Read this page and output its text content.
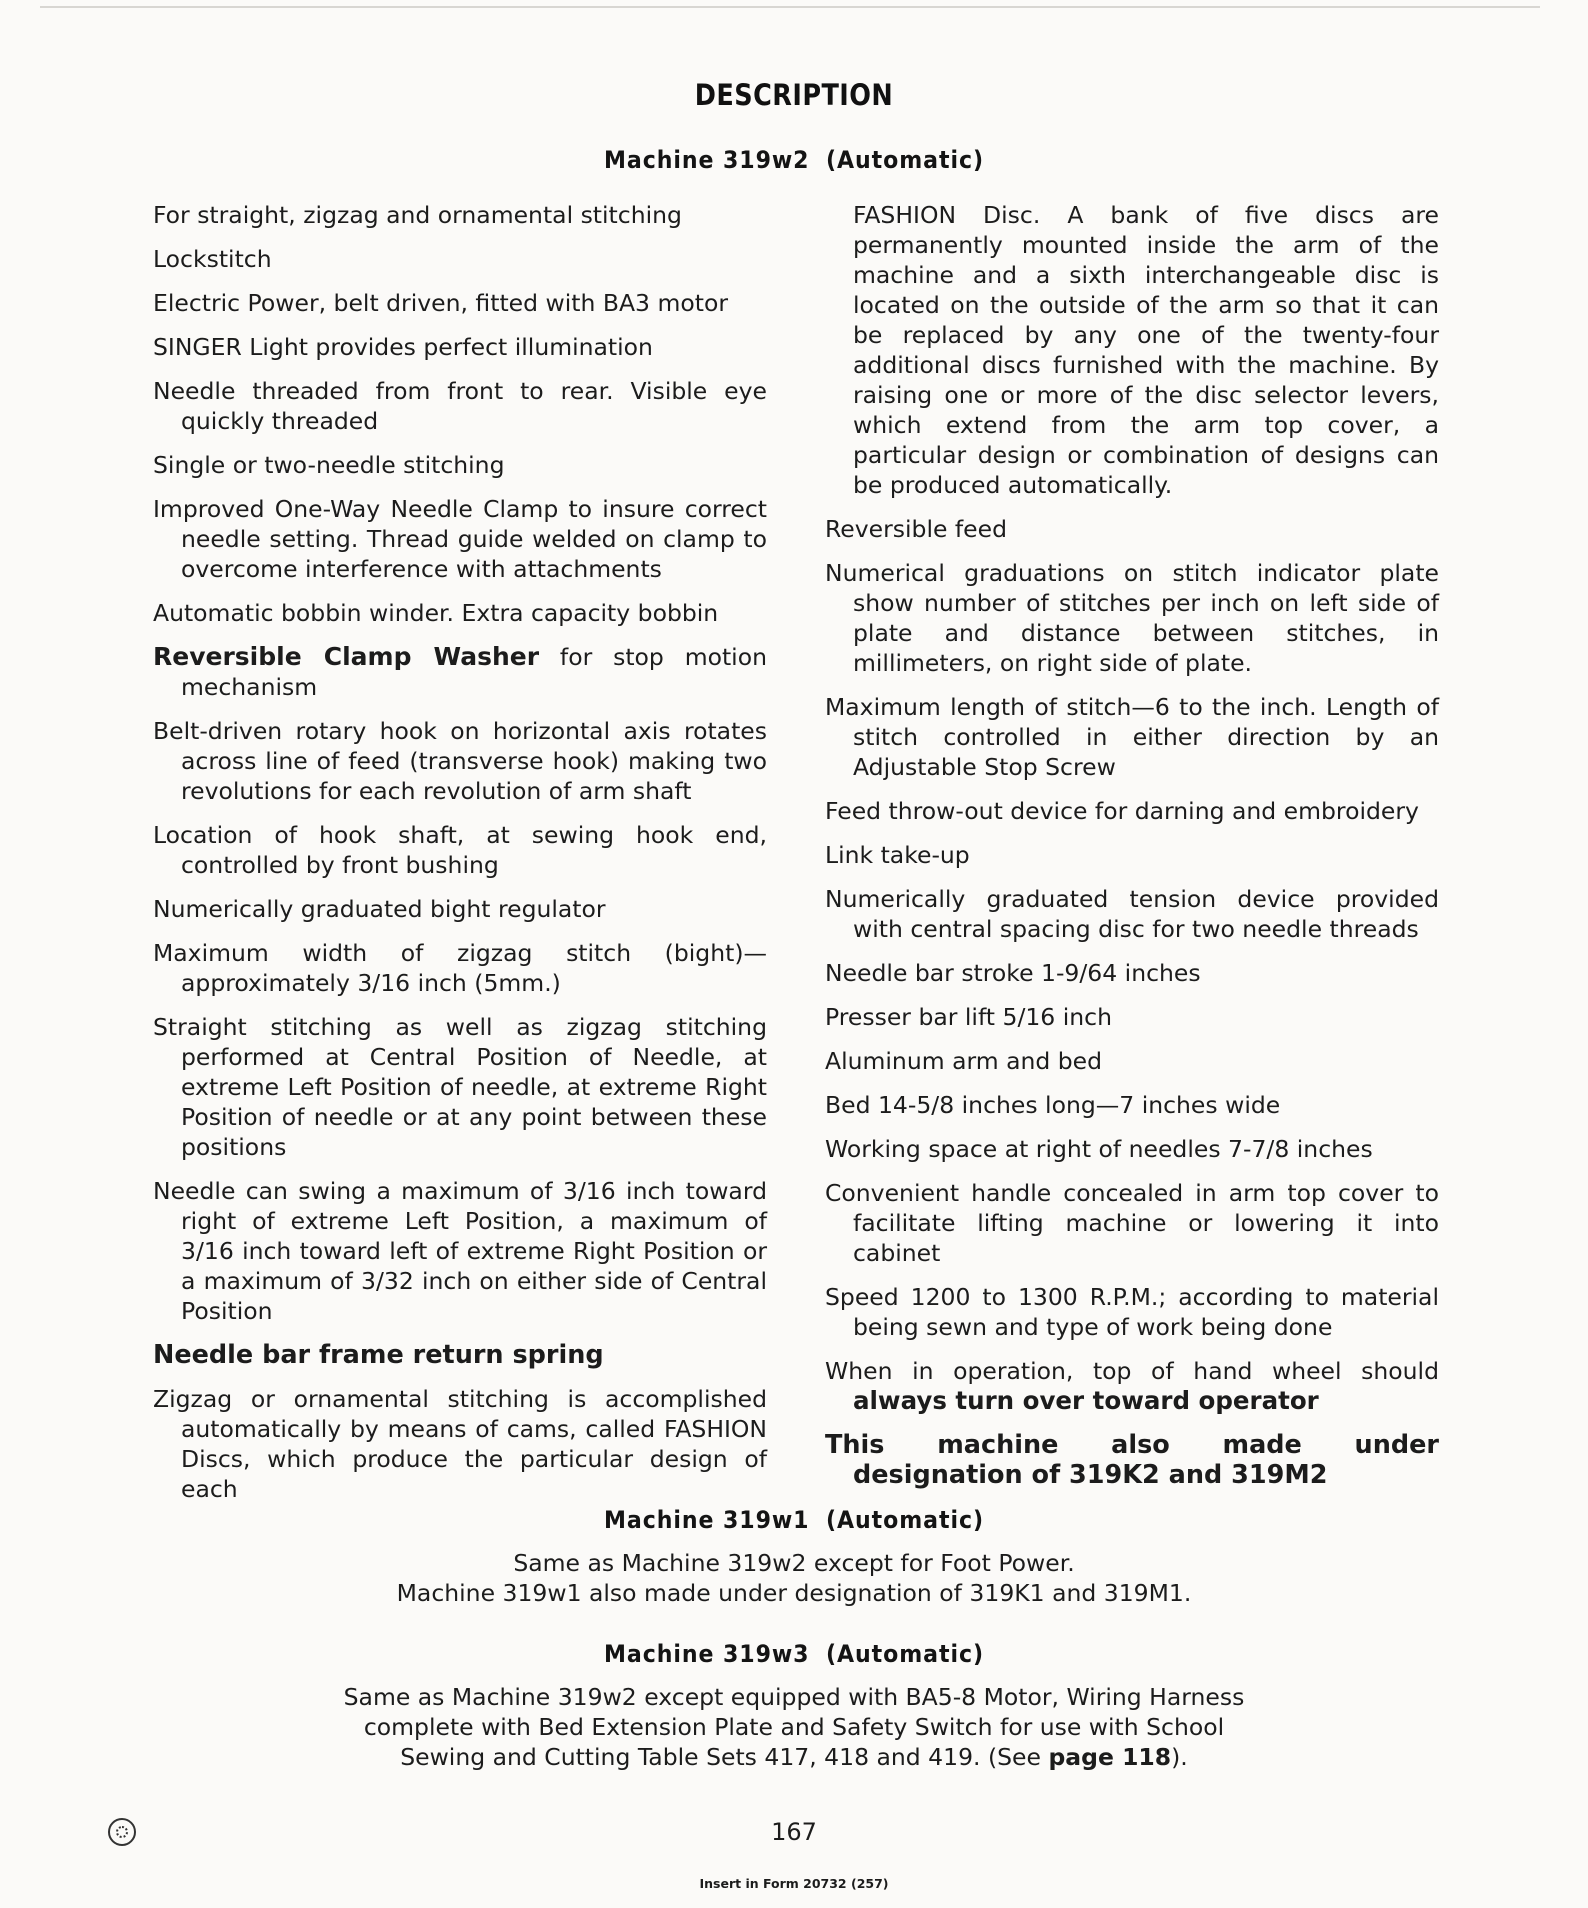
DESCRIPTION
Machine 319w2 (Automatic)

For straight, zigzag and ornamental stitching

Lockstitch

Electric Power, belt driven, fitted with BA3 motor

SINGER Light provides perfect illumination

Needle threaded from front to rear. Visible eye quickly threaded

Single or two-needle stitching

Improved One-Way Needle Clamp to insure correct needle setting. Thread guide welded on clamp to overcome interference with attachments

Automatic bobbin winder. Extra capacity bobbin

Reversible Clamp Washer for stop motion mechanism

Belt-driven rotary hook on horizontal axis rotates across line of feed (transverse hook) making two revolutions for each revolution of arm shaft

Location of hook shaft, at sewing hook end, controlled by front bushing

Numerically graduated bight regulator

Maximum width of zigzag stitch (bight)—approximately 3/16 inch (5mm.)

Straight stitching as well as zigzag stitching performed at Central Position of Needle, at extreme Left Position of needle, at extreme Right Position of needle or at any point between these positions

Needle can swing a maximum of 3/16 inch toward right of extreme Left Position, a maximum of 3/16 inch toward left of extreme Right Position or a maximum of 3/32 inch on either side of Central Position

Needle bar frame return spring

Zigzag or ornamental stitching is accomplished automatically by means of cams, called FASHION Discs, which produce the particular design of each

FASHION Disc. A bank of five discs are permanently mounted inside the arm of the machine and a sixth interchangeable disc is located on the outside of the arm so that it can be replaced by any one of the twenty-four additional discs furnished with the machine. By raising one or more of the disc selector levers, which extend from the arm top cover, a particular design or combination of designs can be produced automatically.

Reversible feed

Numerical graduations on stitch indicator plate show number of stitches per inch on left side of plate and distance between stitches, in millimeters, on right side of plate.

Maximum length of stitch—6 to the inch. Length of stitch controlled in either direction by an Adjustable Stop Screw

Feed throw-out device for darning and embroidery

Link take-up

Numerically graduated tension device provided with central spacing disc for two needle threads

Needle bar stroke 1-9/64 inches

Presser bar lift 5/16 inch

Aluminum arm and bed

Bed 14-5/8 inches long—7 inches wide

Working space at right of needles 7-7/8 inches

Convenient handle concealed in arm top cover to facilitate lifting machine or lowering it into cabinet

Speed 1200 to 1300 R.P.M.; according to material being sewn and type of work being done

When in operation, top of hand wheel should always turn over toward operator

This machine also made under designation of 319K2 and 319M2

Machine 319w1 (Automatic)
Same as Machine 319w2 except for Foot Power.
Machine 319w1 also made under designation of 319K1 and 319M1.
Machine 319w3 (Automatic)
Same as Machine 319w2 except equipped with BA5-8 Motor, Wiring Harness
complete with Bed Extension Plate and Safety Switch for use with School
Sewing and Cutting Table Sets 417, 418 and 419. (See page 118).
167
Insert in Form 20732 (257)
